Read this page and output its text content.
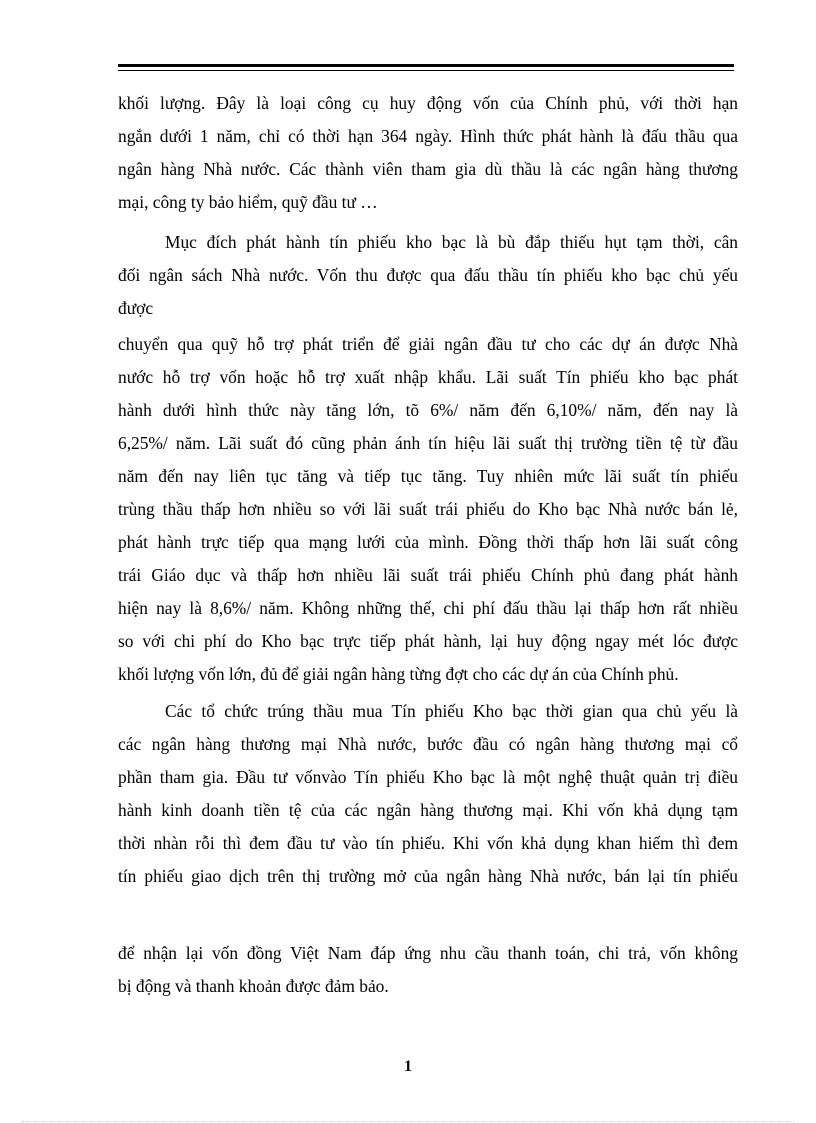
khối lượng. Đây là loại công cụ huy động vốn của Chính phủ, với thời hạn
ngắn dưới 1 năm, chỉ có thời hạn 364 ngày. Hình thức phát hành là đấu thầu qua
ngân hàng Nhà nước. Các thành viên tham gia dù thầu là các ngân hàng thương
mại, công ty bảo hiểm, quỹ đầu tư …
Mục đích phát hành tín phiếu kho bạc là bù đắp thiếu hụt tạm thời, cân
đối ngân sách Nhà nước. Vốn thu được qua đấu thầu tín phiếu kho bạc chủ yếu
được
chuyển qua quỹ hỗ trợ phát triển để giải ngân đầu tư cho các dự án được Nhà
nước hỗ trợ vốn hoặc hỗ trợ xuất nhập khẩu. Lãi suất Tín phiếu kho bạc phát
hành dưới hình thức này tăng lớn, tõ 6%/ năm đến 6,10%/ năm, đến nay là
6,25%/ năm. Lãi suất đó cũng phản ánh tín hiệu lãi suất thị trường tiền tệ từ đầu
năm đến nay liên tục tăng và tiếp tục tăng. Tuy nhiên mức lãi suất tín phiếu
trùng thầu thấp hơn nhiều so với lãi suất trái phiếu do Kho bạc Nhà nước bán lẻ,
phát hành trực tiếp qua mạng lưới của mình. Đồng thời thấp hơn lãi suất công
trái Giáo dục và thấp hơn nhiều lãi suất trái phiếu Chính phủ đang phát hành
hiện nay là 8,6%/ năm. Không những thế, chi phí đấu thầu lại thấp hơn rất nhiều
so với chi phí do Kho bạc trực tiếp phát hành, lại huy động ngay mét lóc được
khối lượng vốn lớn, đủ để giải ngân hàng từng đợt cho các dự án của Chính phủ.
Các tổ chức trúng thầu mua Tín phiếu Kho bạc thời gian qua chủ yếu là
các ngân hàng thương mại Nhà nước, bước đầu có ngân hàng thương mại cổ
phần tham gia. Đầu tư vốnvào Tín phiếu Kho bạc là một nghệ thuật quản trị điều
hành kinh doanh tiền tệ của các ngân hàng thương mại. Khi vốn khả dụng tạm
thời nhàn rỗi thì đem đầu tư vào tín phiếu. Khi vốn khả dụng khan hiếm thì đem
tín phiếu giao dịch trên thị trường mở của ngân hàng Nhà nước, bán lại tín phiếu
để nhận lại vốn đồng Việt Nam đáp ứng nhu cầu thanh toán, chi trả, vốn không
bị động và thanh khoản được đảm bảo.
1
